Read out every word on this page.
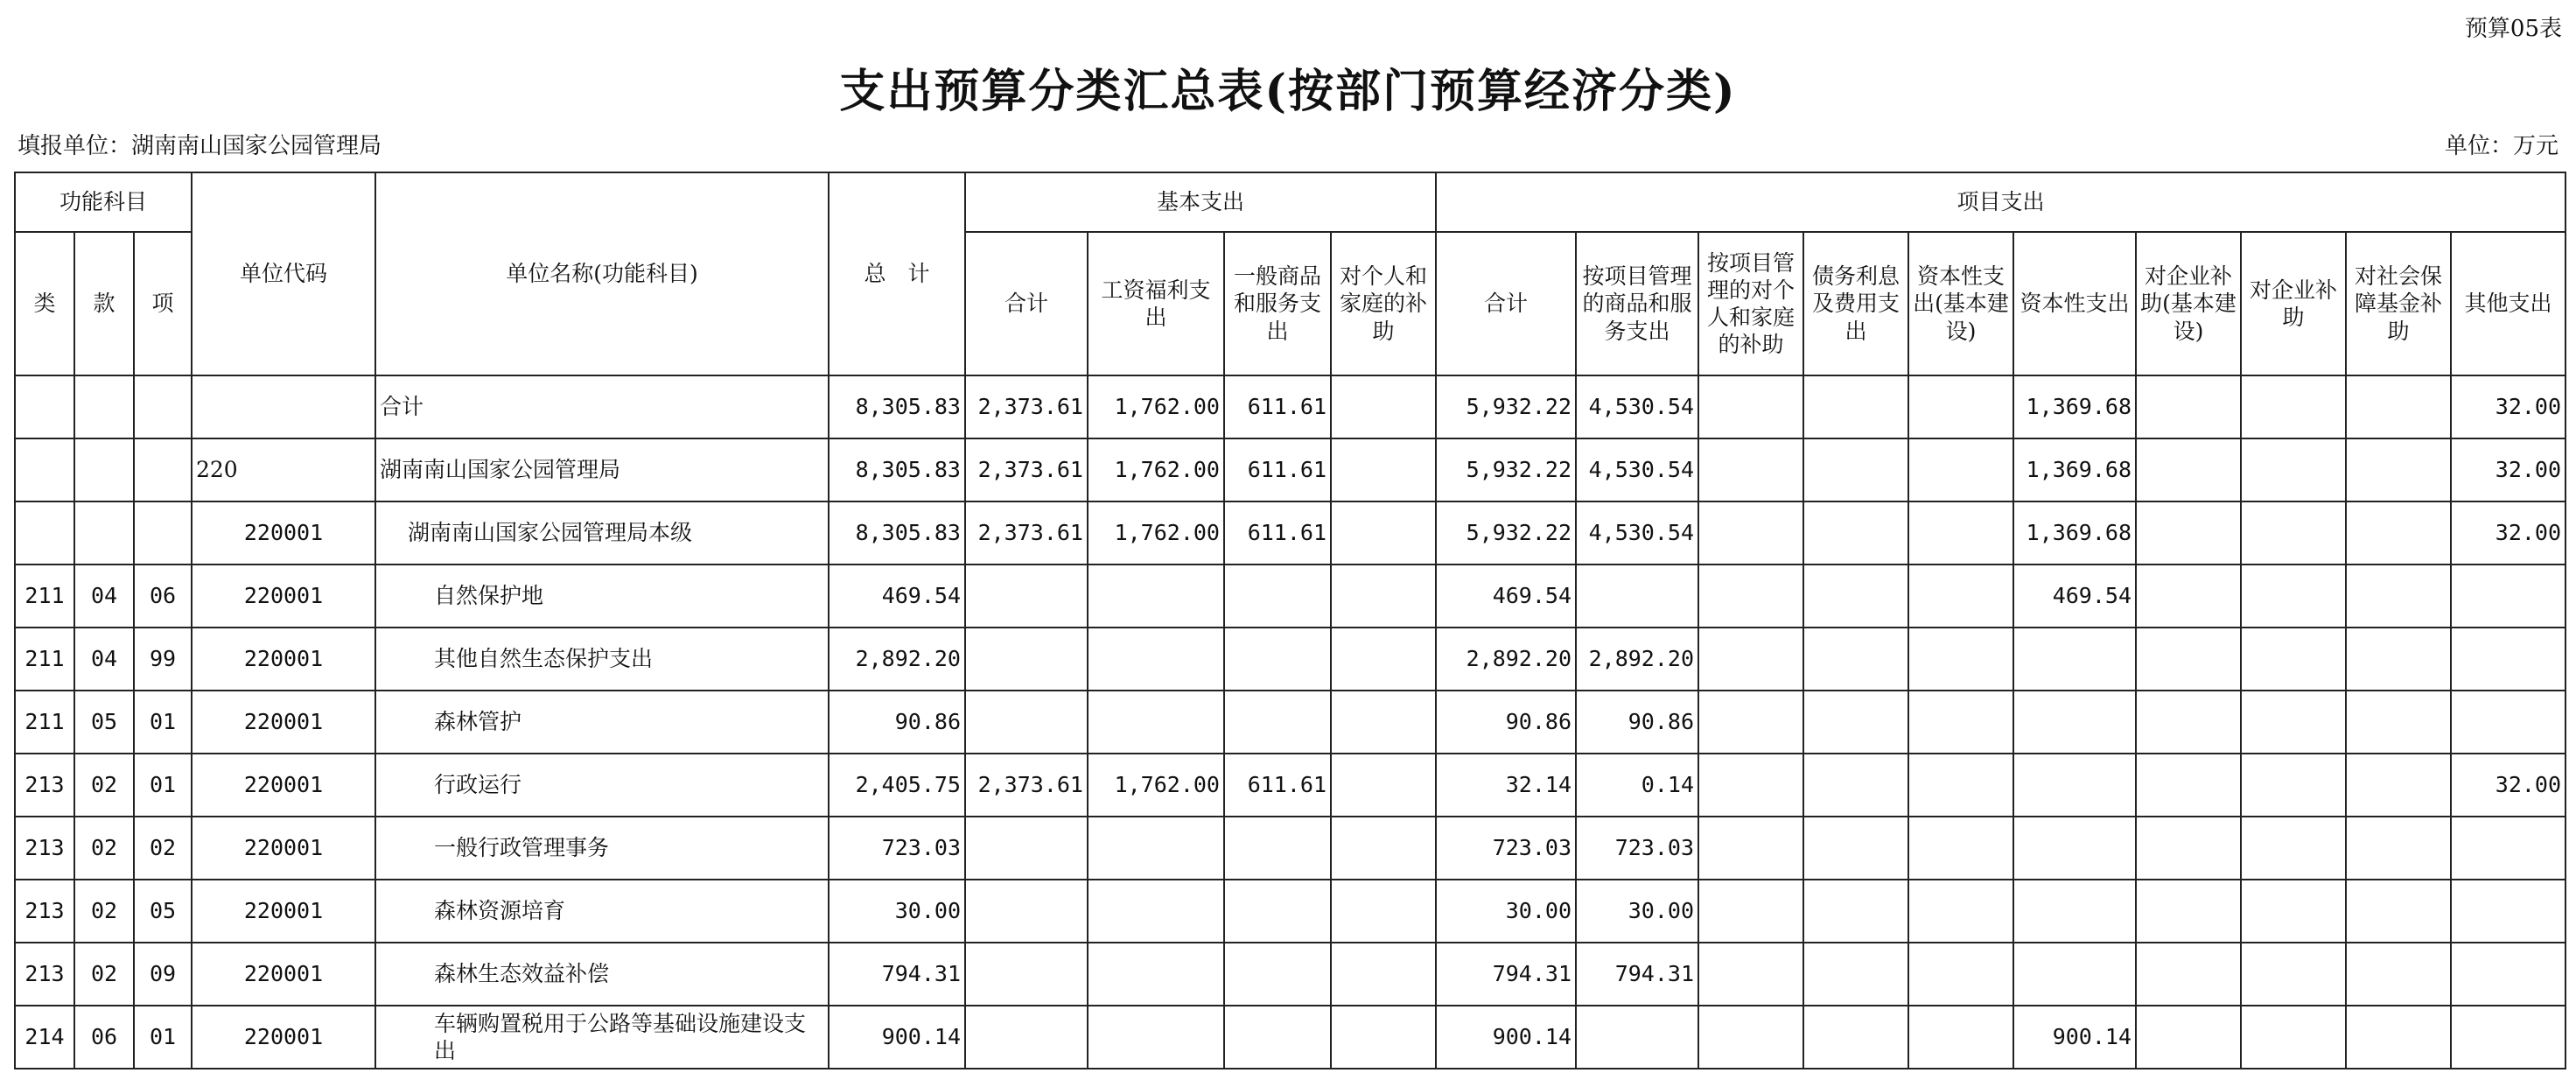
预算05表
支出预算分类汇总表(按部门预算经济分类)
填报单位：湖南南山国家公园管理局	单位：万元
功能科目			单位代码	单位名称(功能科目)	总　计	基本支出				项目支出									
类	款	项				合计	工资福利支出	一般商品和服务支出	对个人和家庭的补助	合计	按项目管理的商品和服务支出	按项目管理的对个人和家庭的补助	债务利息及费用支出	资本性支出(基本建设)	资本性支出	对企业补助(基本建设)	对企业补助	对社会保障基金补助	其他支出
				合计	8,305.83	2,373.61	1,762.00	611.61		5,932.22	4,530.54				1,369.68				32.00
			220	湖南南山国家公园管理局	8,305.83	2,373.61	1,762.00	611.61		5,932.22	4,530.54				1,369.68				32.00
			220001	湖南南山国家公园管理局本级	8,305.83	2,373.61	1,762.00	611.61		5,932.22	4,530.54				1,369.68				32.00
211	04	06	220001	自然保护地	469.54					469.54					469.54				
211	04	99	220001	其他自然生态保护支出	2,892.20					2,892.20	2,892.20								
211	05	01	220001	森林管护	90.86					90.86	90.86								
213	02	01	220001	行政运行	2,405.75	2,373.61	1,762.00	611.61		32.14	0.14								32.00
213	02	02	220001	一般行政管理事务	723.03					723.03	723.03								
213	02	05	220001	森林资源培育	30.00					30.00	30.00								
213	02	09	220001	森林生态效益补偿	794.31					794.31	794.31								
214	06	01	220001	车辆购置税用于公路等基础设施建设支出	900.14					900.14					900.14				
